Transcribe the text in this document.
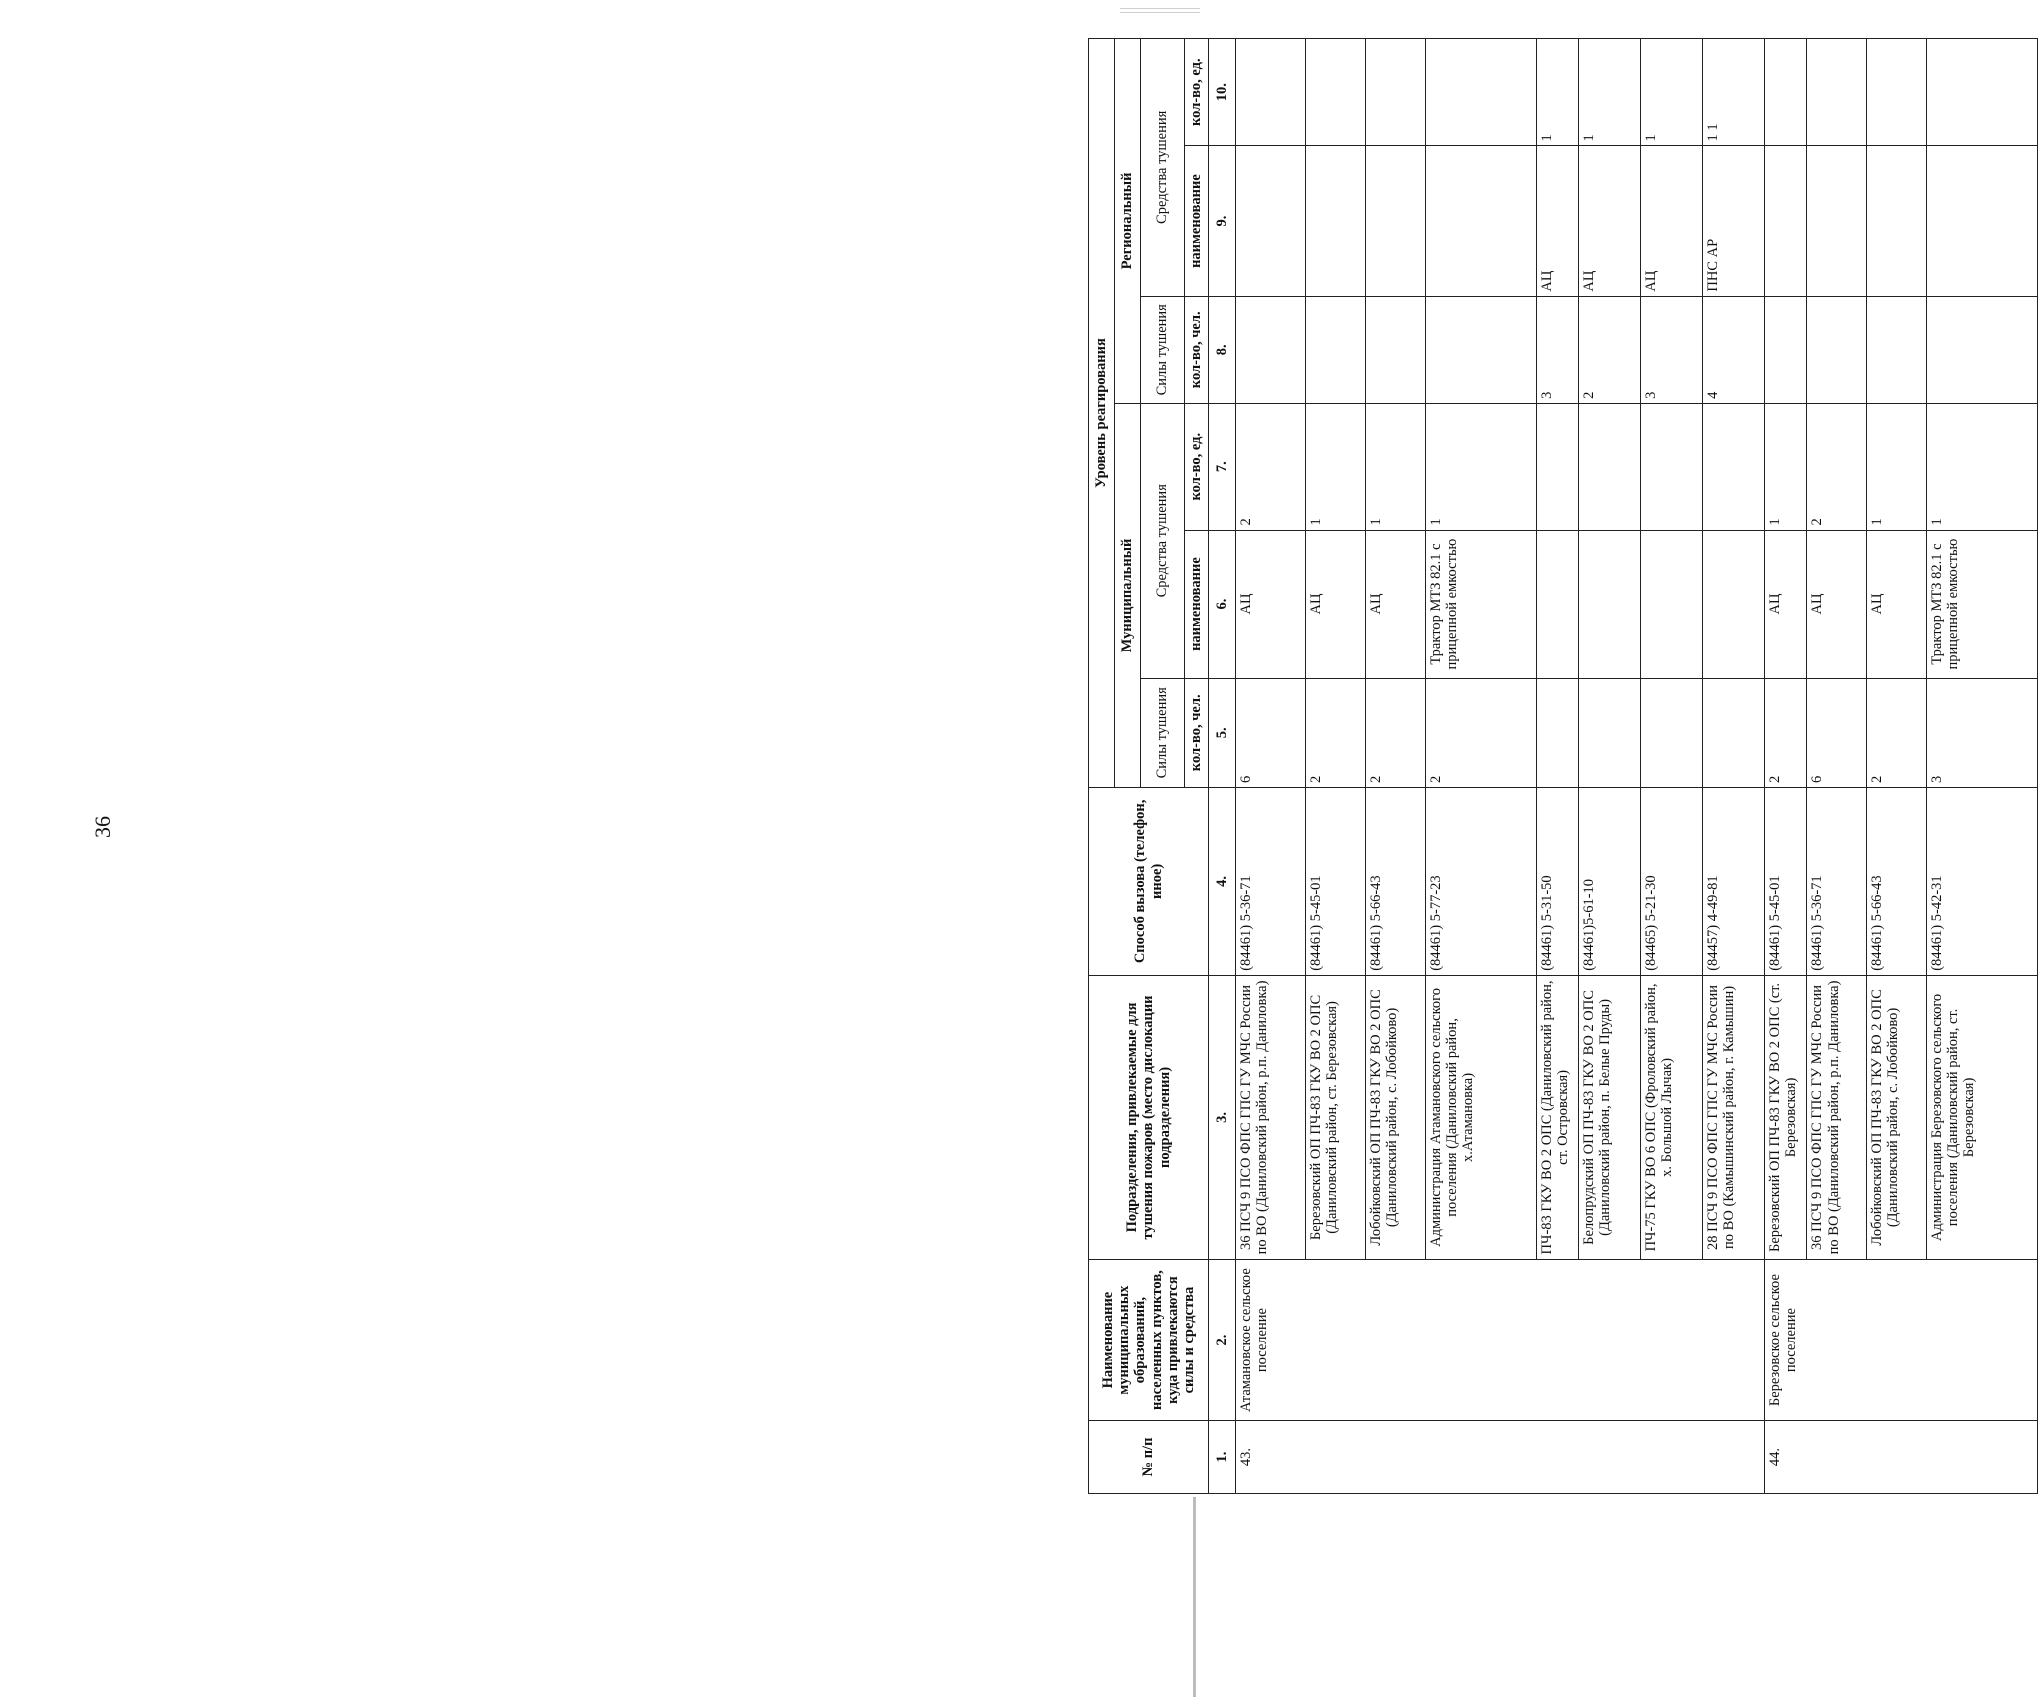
36
№ п/п	Наименование муниципальных образований, населенных пунктов, куда привлекаются силы и средства	Подразделения, привлекаемые для тушения пожаров (место дислокации подразделения)	Способ вызова (телефон, иное)	Уровень реагирования					
				Муниципальный			Региональный		
				Силы тушения	Средства тушения		Силы тушения	Средства тушения	
				кол-во, чел.	наименование	кол-во, ед.	кол-во, чел.	наименование	кол-во, ед.
1.	2.	3.	4.	5.	6.	7.	8.	9.	10.
43.	Атамановское сельское поселение	36 ПСЧ 9 ПСО ФПС ГПС ГУ МЧС России по ВО (Даниловский район, р.п. Даниловка)	(84461) 5-36-71	6	АЦ	2			
		Березовский ОП ПЧ-83 ГКУ ВО 2 ОПС (Даниловский район, ст. Березовская)	(84461) 5-45-01	2	АЦ	1			
		Лобойковский ОП ПЧ-83 ГКУ ВО 2 ОПС (Даниловский район, с. Лобойково)	(84461) 5-66-43	2	АЦ	1			
		Администрация Атамановского сельского поселения (Даниловский район, х.Атамановка)	(84461) 5-77-23	2	Трактор МТЗ 82.1 с прицепной емкостью	1			
		ПЧ-83 ГКУ ВО 2 ОПС (Даниловский район, ст. Островская)	(84461) 5-31-50				3	АЦ	1
		Белопрудский ОП ПЧ-83 ГКУ ВО 2 ОПС (Даниловский район, п. Белые Пруды)	(84461)5-61-10				2	АЦ	1
		ПЧ-75 ГКУ ВО 6 ОПС (Фроловский район, х. Большой Лычак)	(84465) 5-21-30				3	АЦ	1
		28 ПСЧ 9 ПСО ФПС ГПС ГУ МЧС России по ВО (Камышинский район, г. Камышин)	(84457) 4-49-81				4	ПНС АР	1 1
44.	Березовское сельское поселение	Березовский ОП ПЧ-83 ГКУ ВО 2 ОПС (ст. Березовская)	(84461) 5-45-01	2	АЦ	1			
		36 ПСЧ 9 ПСО ФПС ГПС ГУ МЧС России по ВО (Даниловский район, р.п. Даниловка)	(84461) 5-36-71	6	АЦ	2			
		Лобойковский ОП ПЧ-83 ГКУ ВО 2 ОПС (Даниловский район, с. Лобойково)	(84461) 5-66-43	2	АЦ	1			
		Администрация Березовского сельского поселения (Даниловский район, ст. Березовская)	(84461) 5-42-31	3	Трактор МТЗ 82.1 с прицепной емкостью	1			
